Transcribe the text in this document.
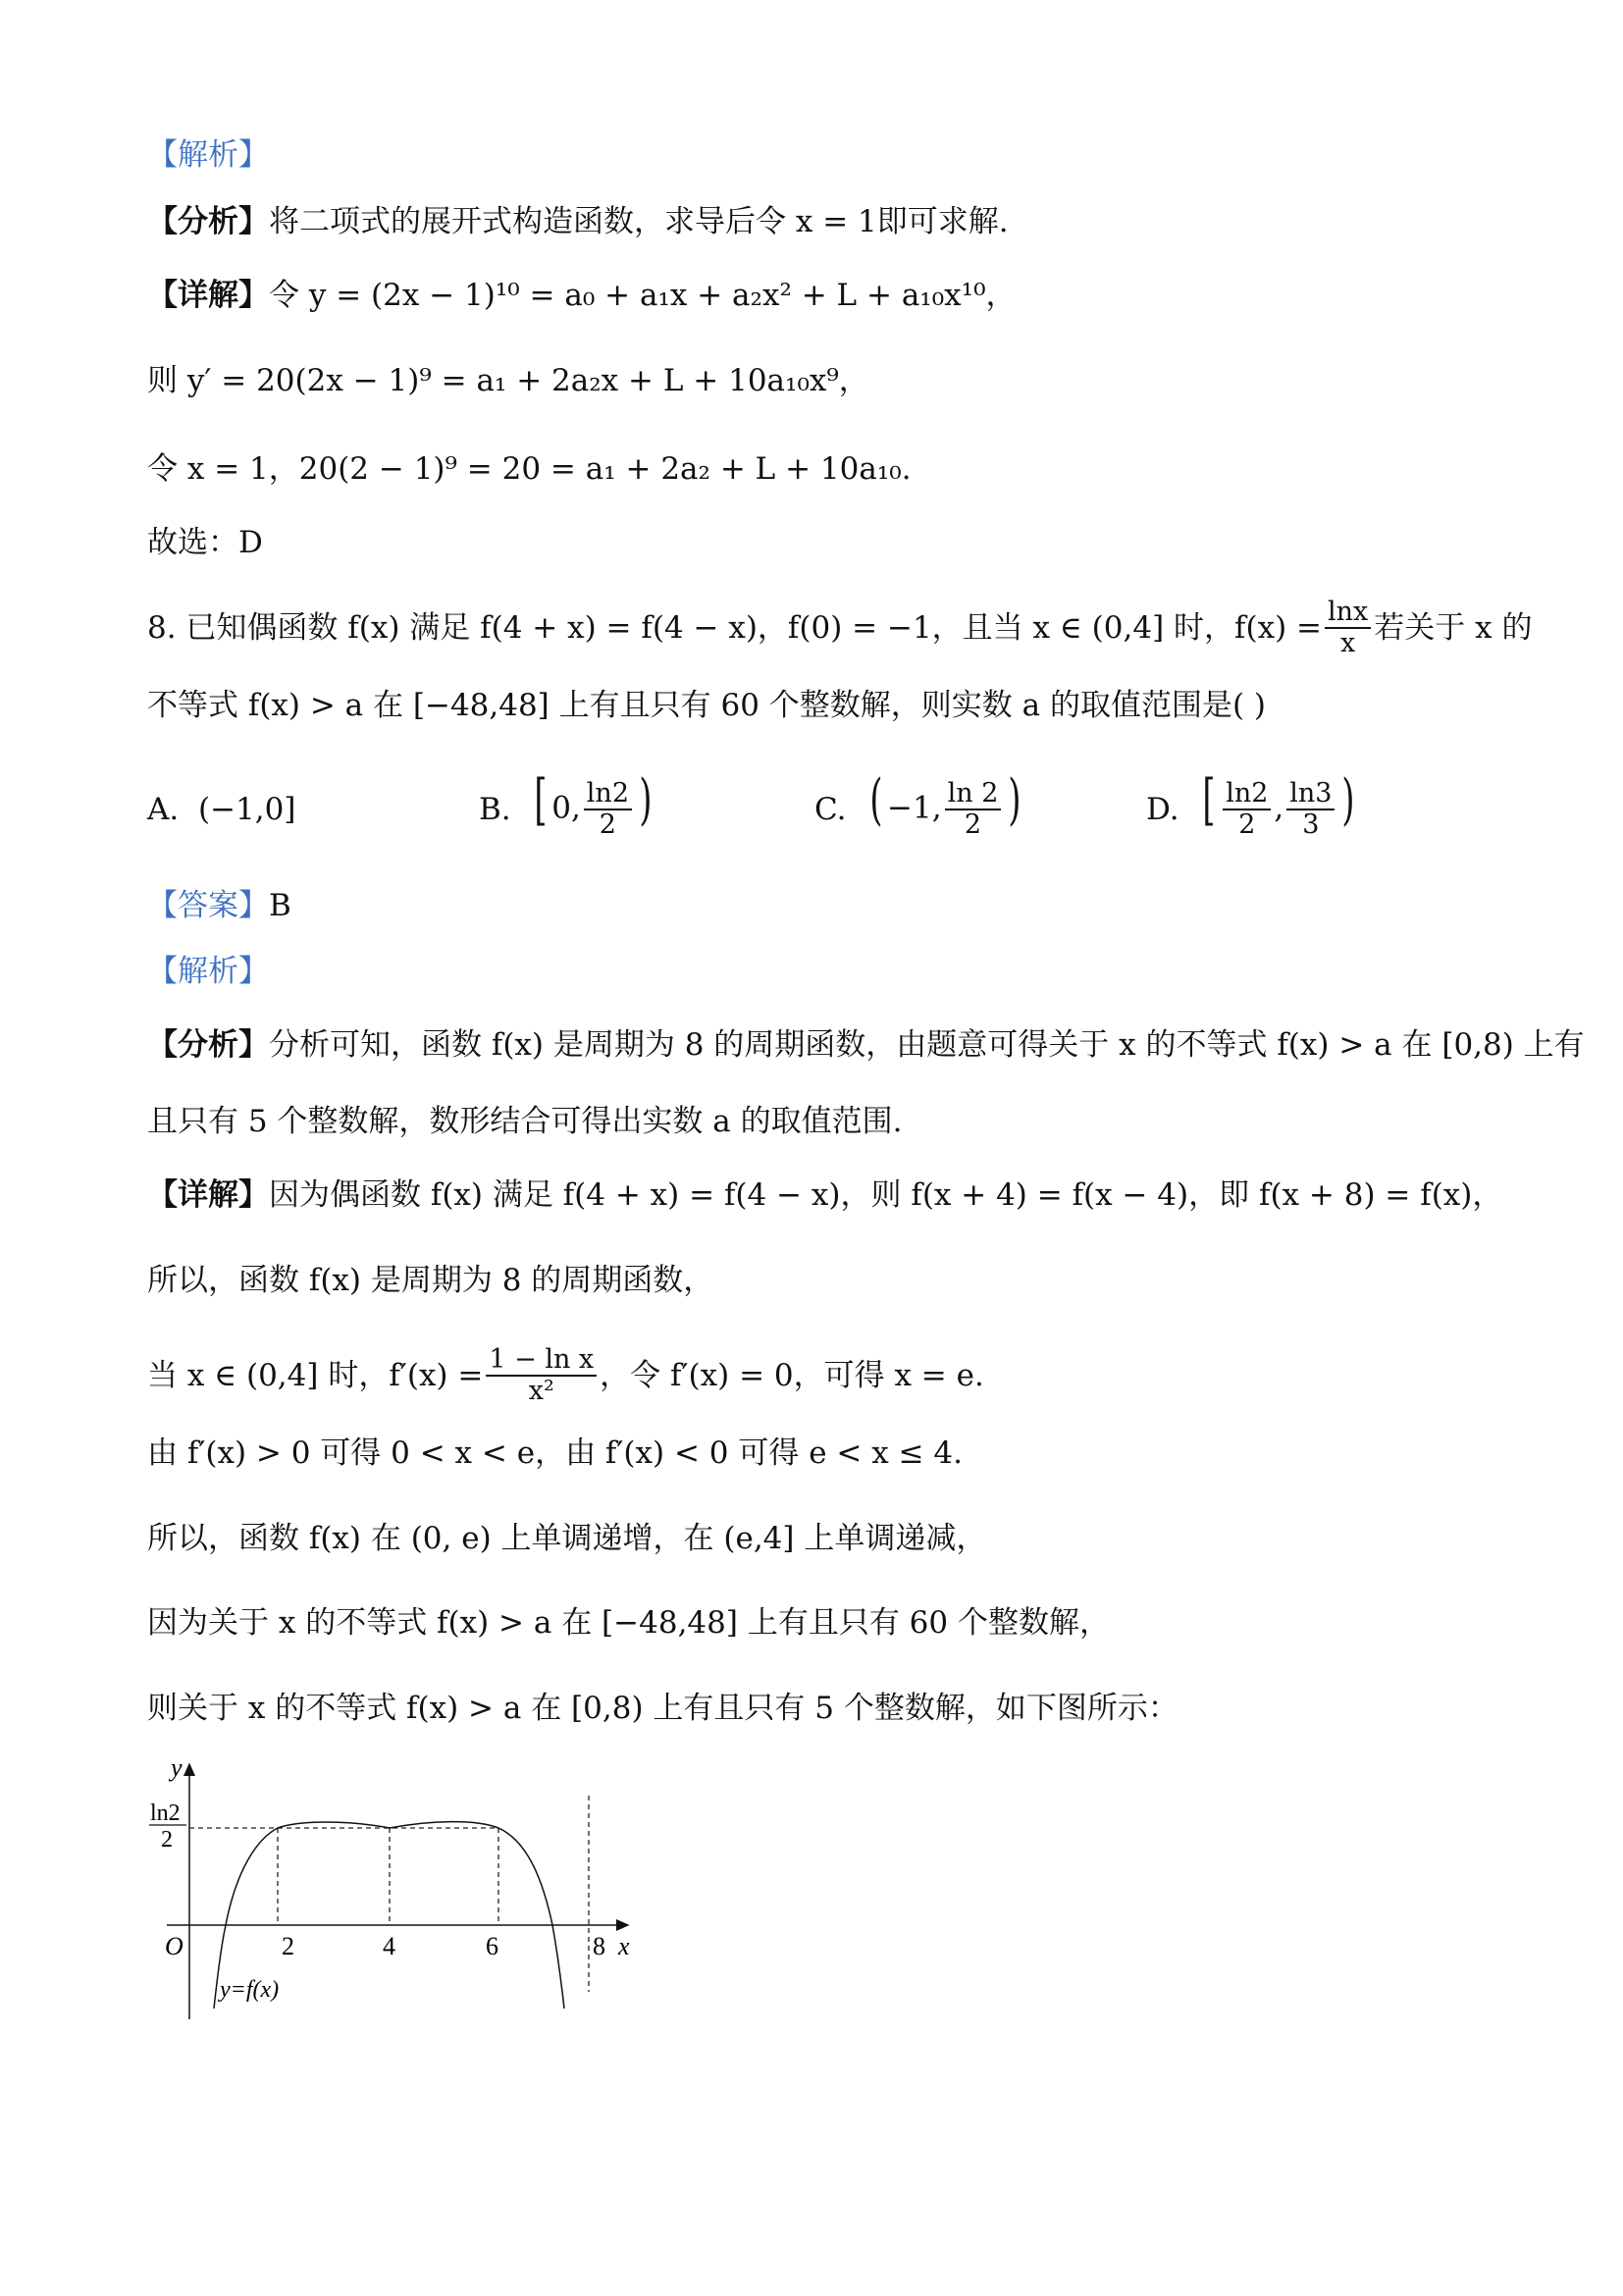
【解析】
【分析】 将二项式的展开式构造函数，求导后令 x = 1即可求解.
【详解】 令 y = (2x − 1)¹⁰ = a₀ + a₁x + a₂x² + L + a₁₀x¹⁰，
则 y′ = 20(2x − 1)⁹ = a₁ + 2a₂x + L + 10a₁₀x⁹，
令 x = 1，20(2 − 1)⁹ = 20 = a₁ + 2a₂ + L + 10a₁₀.
故选：D
8. 已知偶函数 f(x) 满足 f(4 + x) = f(4 − x)，f(0) = −1，且当 x ∈ (0,4] 时，$f(x) = \frac{\ln x}{x}$ 若关于 x 的
不等式 f(x) > a 在 [−48,48] 上有且只有 60 个整数解，则实数 a 的取值范围是( )
A.
(−1,0]	B.
[ 0, $\frac{\ln 2}{2}$ )	C.
( −1, $\frac{\ln 2}{2}$ )	D.
[ $\frac{\ln 2}{2}$ , $\frac{\ln 3}{3}$ )
【答案】 B
【解析】
【分析】 分析可知，函数 f(x) 是周期为 8 的周期函数，由题意可得关于 x 的不等式 f(x) > a 在 [0,8) 上有
且只有 5 个整数解，数形结合可得出实数 a 的取值范围.
【详解】 因为偶函数 f(x) 满足 f(4 + x) = f(4 − x)，则 f(x + 4) = f(x − 4)，即 f(x + 8) = f(x)，
所以，函数 f(x) 是周期为 8 的周期函数，
当 x ∈ (0,4] 时，$f'(x) = \frac{\text{1 − ln x}}{\text{x²}}$ ，令 f′(x) = 0，可得 x = e.
由 f′(x) > 0 可得 0 < x < e，由 f′(x) < 0 可得 e < x ≤ 4.
所以，函数 f(x) 在 (0, e) 上单调递增，在 (e,4] 上单调递减，
因为关于 x 的不等式 f(x) > a 在 [−48,48] 上有且只有 60 个整数解，
则关于 x 的不等式 f(x) > a 在 [0,8) 上有且只有 5 个整数解，如下图所示：
y
x
O
ln2
2
2	4	6	8
y=f(x)
